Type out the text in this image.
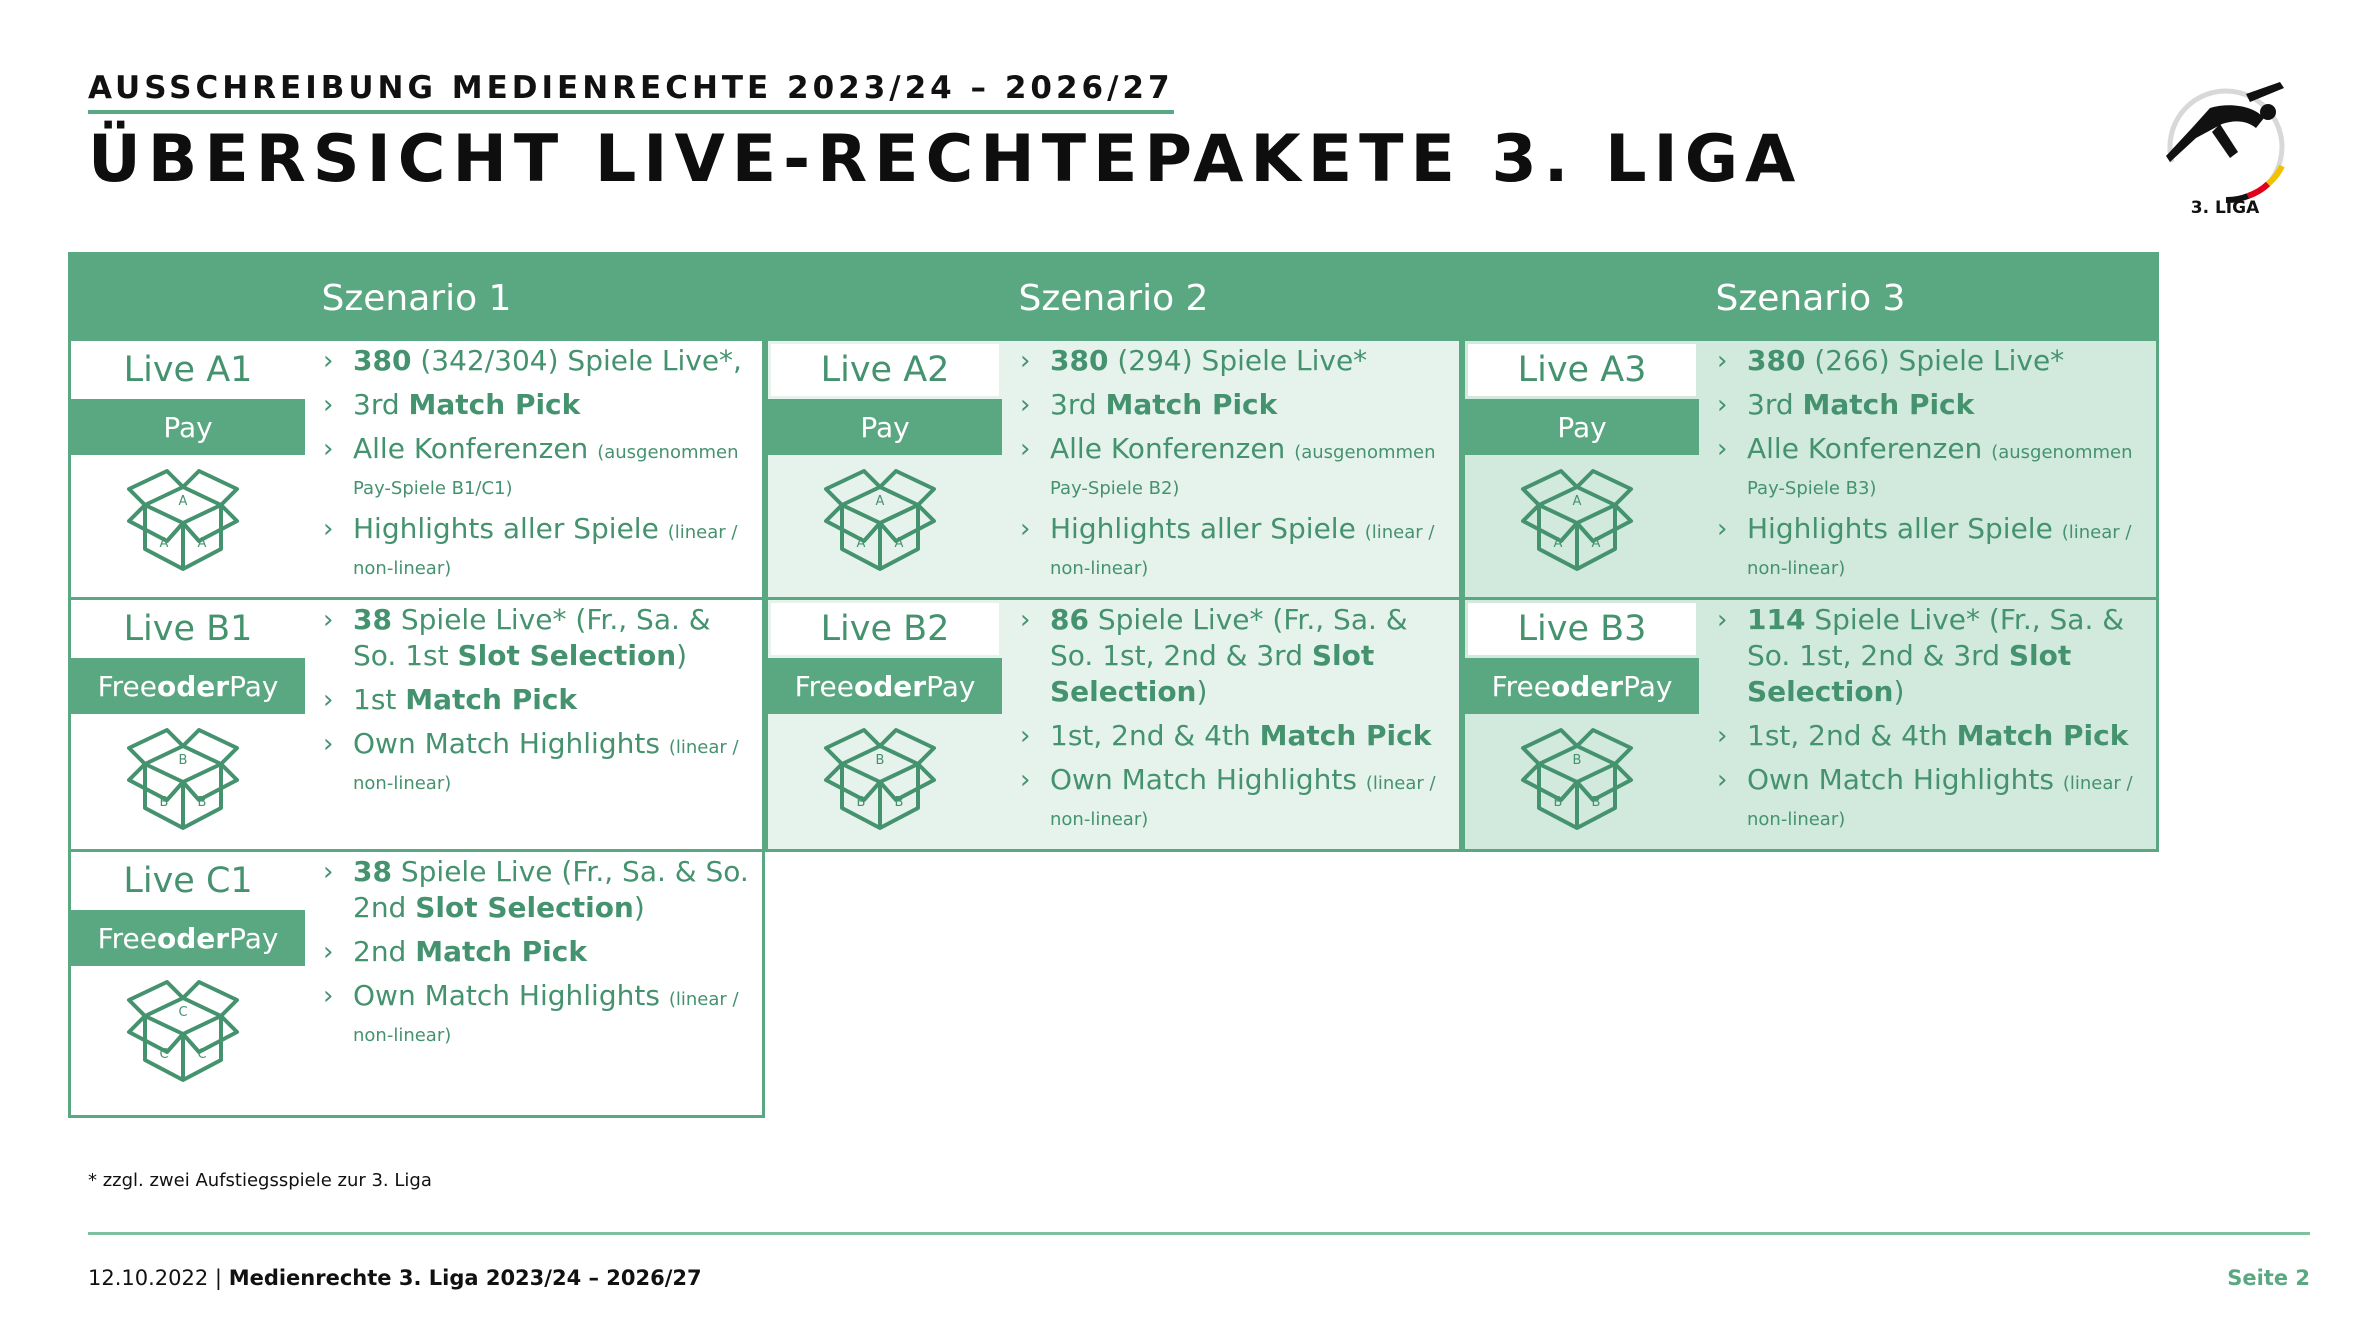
AUSSCHREIBUNG MEDIENRECHTE 2023/24 – 2026/27
ÜBERSICHT LIVE-RECHTEPAKETE 3. LIGA
3. LIGA
Szenario 1
Live A1
Pay
A
A A
› 380 (342/304) Spiele Live*,
› 3rd Match Pick
› Alle Konferenzen (ausgenommen Pay-Spiele B1/C1)
› Highlights aller Spiele (linear / non-linear)
Live B1
Free oder Pay
B
B B
› 38 Spiele Live* (Fr., Sa. & So. 1st Slot Selection)
› 1st Match Pick
› Own Match Highlights (linear / non-linear)
Live C1
Free oder Pay
C
C C
› 38 Spiele Live (Fr., Sa. & So. 2nd Slot Selection)
› 2nd Match Pick
› Own Match Highlights (linear / non-linear)
Szenario 2
Live A2
Pay
A
A A
› 380 (294) Spiele Live*
› 3rd Match Pick
› Alle Konferenzen (ausgenommen Pay-Spiele B2)
› Highlights aller Spiele (linear / non-linear)
Live B2
Free oder Pay
B
B B
› 86 Spiele Live* (Fr., Sa. & So. 1st, 2nd & 3rd Slot Selection)
› 1st, 2nd & 4th Match Pick
› Own Match Highlights (linear / non-linear)
Szenario 3
Live A3
Pay
A
A A
› 380 (266) Spiele Live*
› 3rd Match Pick
› Alle Konferenzen (ausgenommen Pay-Spiele B3)
› Highlights aller Spiele (linear / non-linear)
Live B3
Free oder Pay
B
B B
› 114 Spiele Live* (Fr., Sa. & So. 1st, 2nd & 3rd Slot Selection)
› 1st, 2nd & 4th Match Pick
› Own Match Highlights (linear / non-linear)
* zzgl. zwei Aufstiegsspiele zur 3. Liga
12.10.2022 | Medienrechte 3. Liga 2023/24 – 2026/27	Seite 2
